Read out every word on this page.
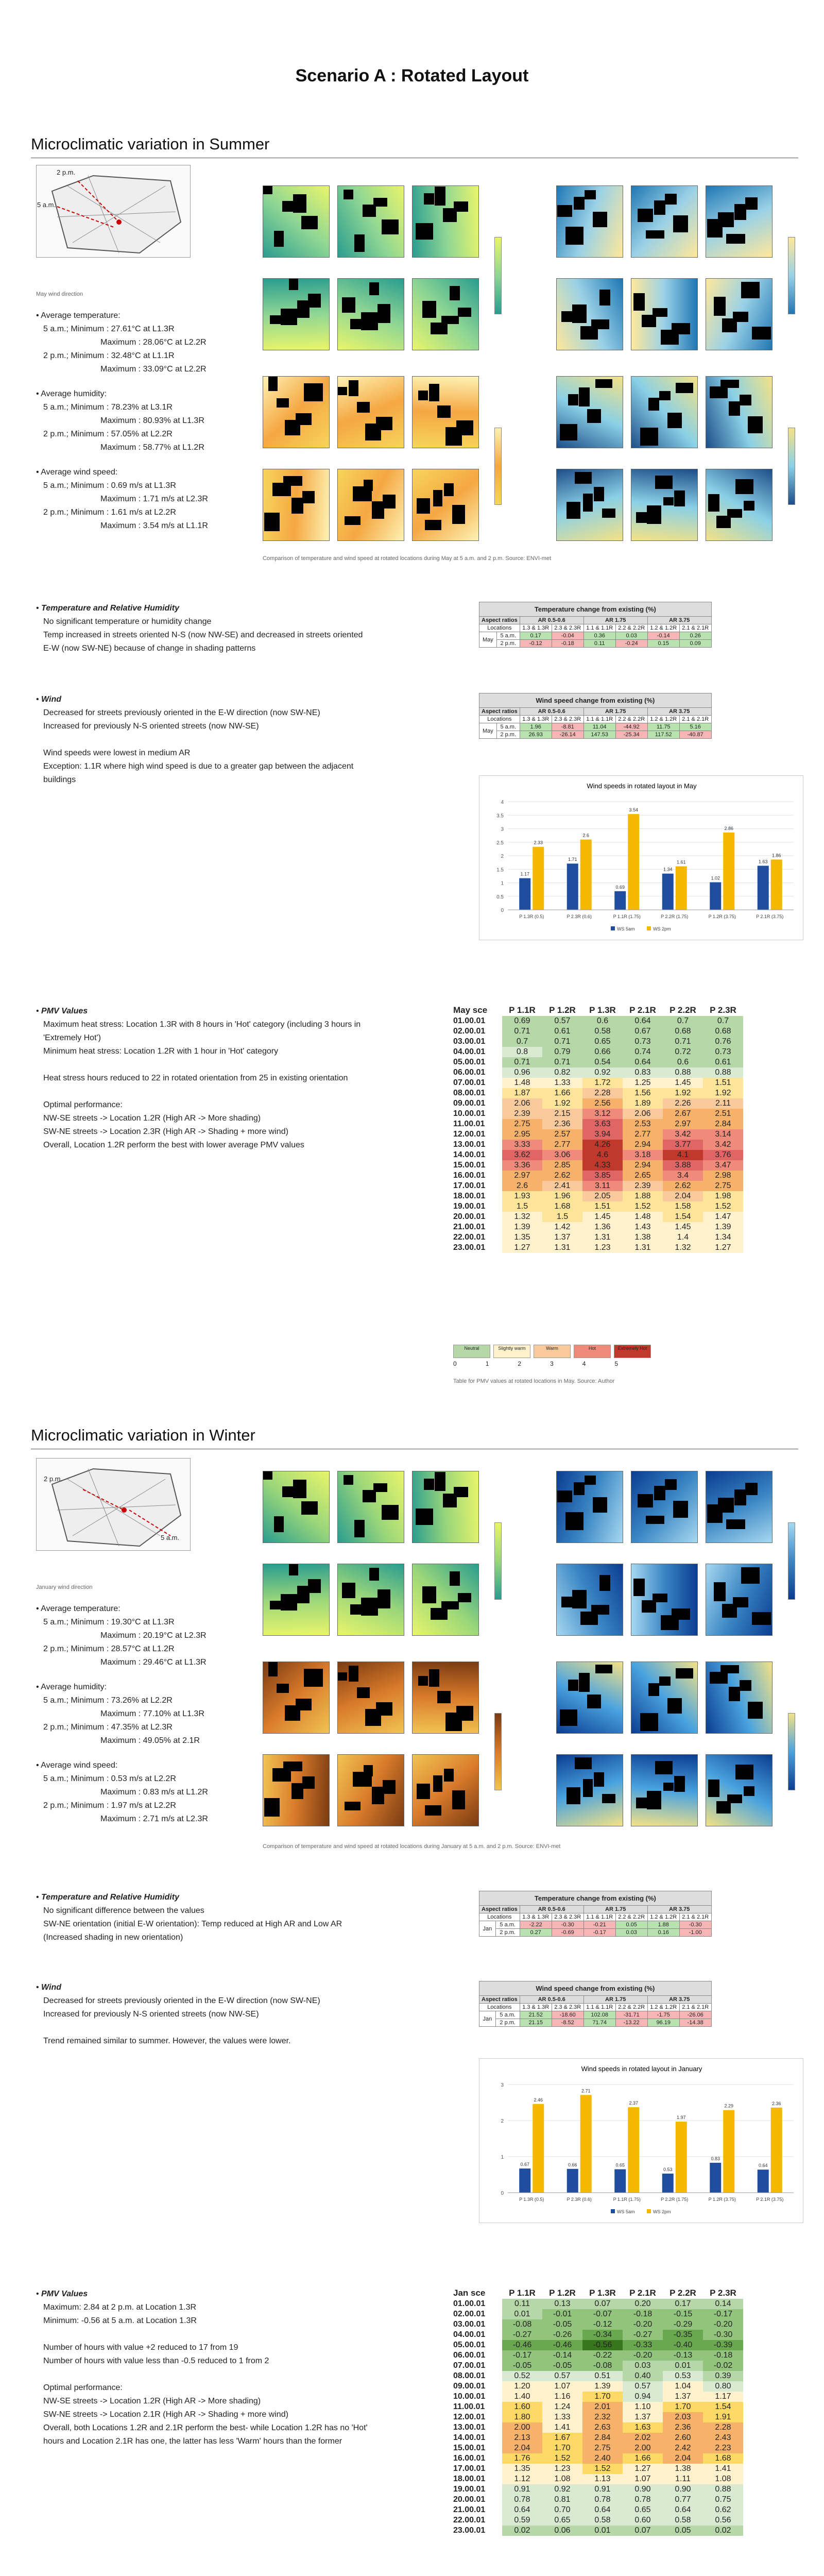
Scenario A : Rotated Layout
Microclimatic variation in Summer
2 p.m.
5 a.m.
May wind direction
• Average temperature:
5 a.m.; Minimum : 27.61°C at L1.3R
Maximum : 28.06°C at L2.2R
2 p.m.; Minimum : 32.48°C at L1.1R
Maximum : 33.09°C at L2.2R
• Average humidity:
5 a.m.; Minimum : 78.23% at L3.1R
Maximum : 80.93% at L1.3R
2 p.m.; Minimum : 57.05% at L2.2R
Maximum : 58.77% at L1.2R
• Average wind speed:
5 a.m.; Minimum : 0.69 m/s at L1.3R
Maximum : 1.71 m/s at L2.3R
2 p.m.; Minimum : 1.61 m/s at L2.2R
Maximum : 3.54 m/s at L1.1R
Comparison of temperature and wind speed at rotated locations during May at 5 a.m. and 2 p.m. Source: ENVI-met
• Temperature and Relative Humidity
No significant temperature or humidity change
Temp increased in streets oriented N-S (now NW-SE) and decreased in streets oriented
E-W (now SW-NE) because of change in shading patterns
Temperature change from existing (%)							
Aspect ratios		AR 0.5-0.6		AR 1.75		AR 3.75	
Locations		1.3 & 1.3R	2.3 & 2.3R	1.1 & 1.1R	2.2 & 2.2R	1.2 & 1.2R	2.1 & 2.1R
May	5 a.m.	0.17	-0.04	0.36	0.03	-0.14	0.26
	2 p.m.	-0.12	-0.18	0.11	-0.24	0.15	0.09
• Wind
Decreased for streets previously oriented in the E-W direction (now SW-NE)
Increased for previously N-S oriented streets (now NW-SE)
Wind speeds were lowest in medium AR
Exception: 1.1R where high wind speed is due to a greater gap between the adjacent
buildings
Wind speed change from existing (%)							
Aspect ratios		AR 0.5-0.6		AR 1.75		AR 3.75	
Locations		1.3 & 1.3R	2.3 & 2.3R	1.1 & 1.1R	2.2 & 2.2R	1.2 & 1.2R	2.1 & 2.1R
May	5 a.m.	1.96	-8.81	11.04	-44.92	11.75	5.16
	2 p.m.	26.93	-26.14	147.53	-25.34	117.52	-40.87
Wind speeds in rotated layout in May
0
0.5
1
1.5
2
2.5
3
3.5
4
1.17
2.33
P 1.3R (0.5)
1.71
2.6
P 2.3R (0.6)
0.69
3.54
P 1.1R (1.75)
1.34
1.61
P 2.2R (1.75)
1.02
2.86
P 1.2R (3.75)
1.63
1.86
P 2.1R (3.75)
WS 5am	WS 2pm
• PMV Values
Maximum heat stress: Location 1.3R with 8 hours in 'Hot' category (including 3 hours in
'Extremely Hot')
Minimum heat stress: Location 1.2R with 1 hour in 'Hot' category
Heat stress hours reduced to 22 in rotated orientation from 25 in existing orientation
Optimal performance:
NW-SE streets -> Location 1.2R (High AR -> More shading)
SW-NE streets -> Location 2.3R (High AR -> Shading + more wind)
Overall, Location 1.2R perform the best with lower average PMV values
May sce	P 1.1R	P 1.2R	P 1.3R	P 2.1R	P 2.2R	P 2.3R
01.00.01	0.69	0.57	0.6	0.64	0.7	0.7
02.00.01	0.71	0.61	0.58	0.67	0.68	0.68
03.00.01	0.7	0.71	0.65	0.73	0.71	0.76
04.00.01	0.8	0.79	0.66	0.74	0.72	0.73
05.00.01	0.71	0.71	0.54	0.64	0.6	0.61
06.00.01	0.96	0.82	0.92	0.83	0.88	0.88
07.00.01	1.48	1.33	1.72	1.25	1.45	1.51
08.00.01	1.87	1.66	2.28	1.56	1.92	1.92
09.00.01	2.06	1.92	2.56	1.89	2.26	2.11
10.00.01	2.39	2.15	3.12	2.06	2.67	2.51
11.00.01	2.75	2.36	3.63	2.53	2.97	2.84
12.00.01	2.95	2.57	3.94	2.77	3.42	3.14
13.00.01	3.33	2.77	4.26	2.94	3.77	3.42
14.00.01	3.62	3.06	4.6	3.18	4.1	3.76
15.00.01	3.36	2.85	4.33	2.94	3.88	3.47
16.00.01	2.97	2.62	3.85	2.65	3.4	2.98
17.00.01	2.6	2.41	3.11	2.39	2.62	2.75
18.00.01	1.93	1.96	2.05	1.88	2.04	1.98
19.00.01	1.5	1.68	1.51	1.52	1.58	1.52
20.00.01	1.32	1.5	1.45	1.48	1.54	1.47
21.00.01	1.39	1.42	1.36	1.43	1.45	1.39
22.00.01	1.35	1.37	1.31	1.38	1.4	1.34
23.00.01	1.27	1.31	1.23	1.31	1.32	1.27
Neutral	Slightly warm	Warm	Hot	Extremely Hot
0	1	2	3	4	5
Table for PMV values at rotated locations in May. Source: Author
Microclimatic variation in Winter
2 p.m.
5 a.m.
January wind direction
• Average temperature:
5 a.m.; Minimum : 19.30°C at L1.3R
Maximum : 20.19°C at L2.3R
2 p.m.; Minimum : 28.57°C at L1.2R
Maximum : 29.46°C at L1.3R
• Average humidity:
5 a.m.; Minimum : 73.26% at L2.2R
Maximum : 77.10% at L1.3R
2 p.m.; Minimum : 47.35% at L2.3R
Maximum : 49.05% at 2.1R
• Average wind speed:
5 a.m.; Minimum : 0.53 m/s at L2.2R
Maximum : 0.83 m/s at L1.2R
2 p.m.; Minimum : 1.97 m/s at L2.2R
Maximum : 2.71 m/s at L2.3R
Comparison of temperature and wind speed at rotated locations during January at 5 a.m. and 2 p.m. Source: ENVI-met
• Temperature and Relative Humidity
No significant difference between the values
SW-NE orientation (initial E-W orientation): Temp reduced at High AR and Low AR
(Increased shading in new orientation)
Temperature change from existing (%)							
Aspect ratios		AR 0.5-0.6		AR 1.75		AR 3.75	
Locations		1.3 & 1.3R	2.3 & 2.3R	1.1 & 1.1R	2.2 & 2.2R	1.2 & 1.2R	2.1 & 2.1R
Jan	5 a.m.	-2.22	-0.30	-0.21	0.05	1.88	-0.30
	2 p.m.	0.27	-0.69	-0.17	0.03	0.16	-1.00
• Wind
Decreased for streets previously oriented in the E-W direction (now SW-NE)
Increased for previously N-S oriented streets (now NW-SE)
Trend remained similar to summer. However, the values were lower.
Wind speed change from existing (%)							
Aspect ratios		AR 0.5-0.6		AR 1.75		AR 3.75	
Locations		1.3 & 1.3R	2.3 & 2.3R	1.1 & 1.1R	2.2 & 2.2R	1.2 & 1.2R	2.1 & 2.1R
Jan	5 a.m.	21.52	-18.60	102.08	-31.71	-1.75	-26.06
	2 p.m.	21.15	-8.52	71.74	-13.22	96.19	-14.38
Wind speeds in rotated layout in January
0
1
2
3
0.67
2.46
P 1.3R (0.5)
0.66
2.71
P 2.3R (0.6)
0.65
2.37
P 1.1R (1.75)
0.53
1.97
P 2.2R (1.75)
0.83
2.29
P 1.2R (3.75)
0.64
2.36
P 2.1R (3.75)
WS 5am	WS 2pm
• PMV Values
Maximum: 2.84 at 2 p.m. at Location 1.3R
Minimum: -0.56 at 5 a.m. at Location 1.3R
Number of hours with value +2 reduced to 17 from 19
Number of hours with value less than -0.5 reduced to 1 from 2
Optimal performance:
NW-SE streets -> Location 1.2R (High AR -> More shading)
SW-NE streets -> Location 2.1R (High AR -> Shading + more wind)
Overall, both Locations 1.2R and 2.1R perform the best- while Location 1.2R has no 'Hot'
hours and Location 2.1R has one, the latter has less 'Warm' hours than the former
Jan sce	P 1.1R	P 1.2R	P 1.3R	P 2.1R	P 2.2R	P 2.3R
01.00.01	0.11	0.13	0.07	0.20	0.17	0.14
02.00.01	0.01	-0.01	-0.07	-0.18	-0.15	-0.17
03.00.01	-0.08	-0.05	-0.12	-0.20	-0.29	-0.20
04.00.01	-0.27	-0.26	-0.34	-0.27	-0.35	-0.30
05.00.01	-0.46	-0.46	-0.56	-0.33	-0.40	-0.39
06.00.01	-0.17	-0.14	-0.22	-0.20	-0.13	-0.18
07.00.01	-0.05	-0.05	-0.08	0.03	0.01	-0.02
08.00.01	0.52	0.57	0.51	0.40	0.53	0.39
09.00.01	1.20	1.07	1.39	0.57	1.04	0.80
10.00.01	1.40	1.16	1.70	0.94	1.37	1.17
11.00.01	1.60	1.24	2.01	1.10	1.70	1.54
12.00.01	1.80	1.33	2.32	1.37	2.03	1.91
13.00.01	2.00	1.41	2.63	1.63	2.36	2.28
14.00.01	2.13	1.67	2.84	2.02	2.60	2.43
15.00.01	2.04	1.70	2.75	2.00	2.42	2.23
16.00.01	1.76	1.52	2.40	1.66	2.04	1.68
17.00.01	1.35	1.23	1.52	1.27	1.38	1.41
18.00.01	1.12	1.08	1.13	1.07	1.11	1.08
19.00.01	0.91	0.92	0.91	0.90	0.90	0.88
20.00.01	0.78	0.81	0.78	0.78	0.77	0.75
21.00.01	0.64	0.70	0.64	0.65	0.64	0.62
22.00.01	0.59	0.65	0.58	0.60	0.58	0.56
23.00.01	0.02	0.06	0.01	0.07	0.05	0.02
